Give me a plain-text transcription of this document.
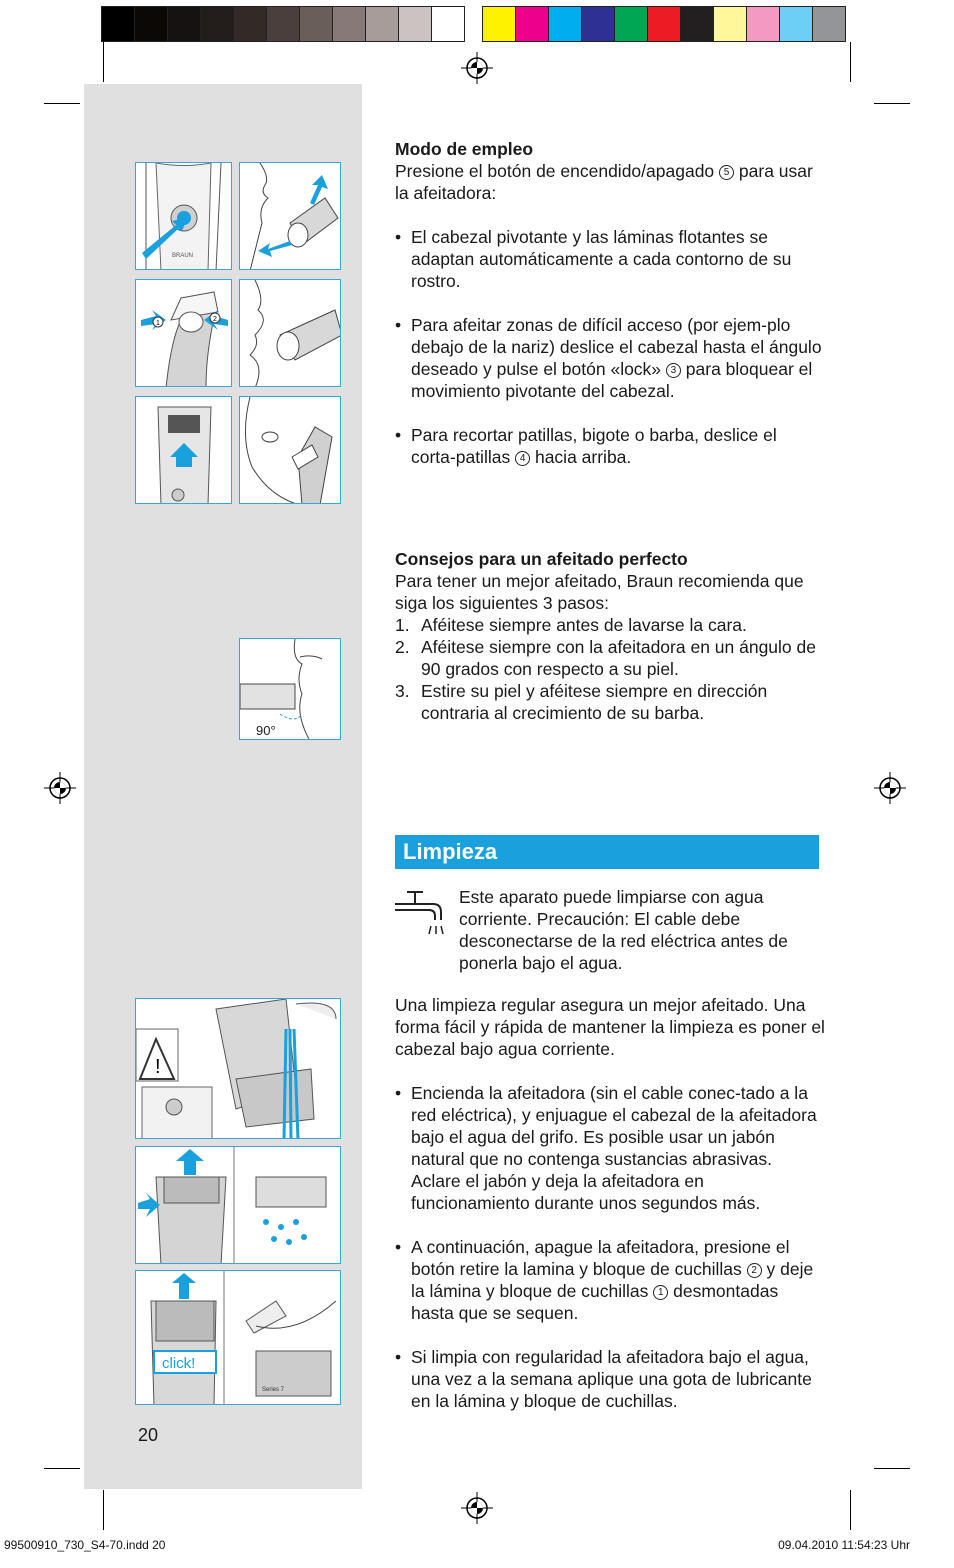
BRAUN
1
2
90°
!
click!
Series 7
Modo de empleo
Presione el botón de encendido/apagado 5 para usar la afeitadora:
• El cabezal pivotante y las láminas flotantes se adaptan automáticamente a cada contorno de su rostro.
• Para afeitar zonas de difícil acceso (por ejem-plo debajo de la nariz) deslice el cabezal hasta el ángulo deseado y pulse el botón «lock» 3 para bloquear el movimiento pivotante del cabezal.
• Para recortar patillas, bigote o barba, deslice el corta-patillas 4 hacia arriba.
Consejos para un afeitado perfecto
Para tener un mejor afeitado, Braun recomienda que siga los siguientes 3 pasos:
1. Aféitese siempre antes de lavarse la cara.
2. Aféitese siempre con la afeitadora en un ángulo de 90 grados con respecto a su piel.
3. Estire su piel y aféitese siempre en dirección contraria al crecimiento de su barba.
Limpieza
Este aparato puede limpiarse con agua corriente. Precaución: El cable debe desconectarse de la red eléctrica antes de ponerla bajo el agua.
Una limpieza regular asegura un mejor afeitado. Una forma fácil y rápida de mantener la limpieza es poner el cabezal bajo agua corriente.
• Encienda la afeitadora (sin el cable conec-tado a la red eléctrica), y enjuague el cabezal de la afeitadora bajo el agua del grifo. Es posible usar un jabón natural que no contenga sustancias abrasivas. Aclare el jabón y deja la afeitadora en funcionamiento durante unos segundos más.
• A continuación, apague la afeitadora, presione el botón retire la lamina y bloque de cuchillas 2 y deje la lámina y bloque de cuchillas 1 desmontadas hasta que se sequen.
• Si limpia con regularidad la afeitadora bajo el agua, una vez a la semana aplique una gota de lubricante en la lámina y bloque de cuchillas.
20
99500910_730_S4-70.indd 20	09.04.2010 11:54:23 Uhr
